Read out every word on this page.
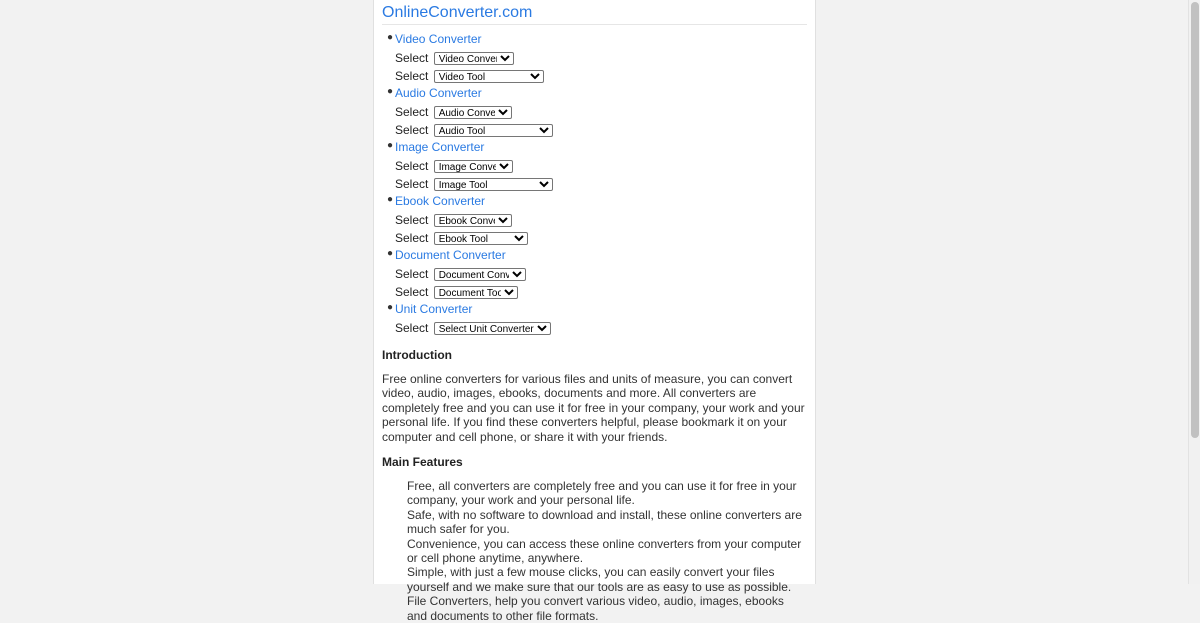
OnlineConverter.com
● Video Converter
Select
Video Converter
Select
Video Tool
● Audio Converter
Select
Audio Converter
Select
Audio Tool
● Image Converter
Select
Image Converter
Select
Image Tool
● Ebook Converter
Select
Ebook Converter
Select
Ebook Tool
● Document Converter
Select
Document Converter
Select
Document Tool
● Unit Converter
Select
Select Unit Converter
Introduction

Free online converters for various files and units of measure, you can convert video, audio, images, ebooks, documents and more. All converters are completely free and you can use it for free in your company, your work and your personal life. If you find these converters helpful, please bookmark it on your computer and cell phone, or share it with your friends.

Main Features
Free, all converters are completely free and you can use it for free in your company, your work and your personal life.
Safe, with no software to download and install, these online converters are much safer for you.
Convenience, you can access these online converters from your computer or cell phone anytime, anywhere.
Simple, with just a few mouse clicks, you can easily convert your files yourself and we make sure that our tools are as easy to use as possible.
File Converters, help you convert various video, audio, images, ebooks and documents to other file formats.
